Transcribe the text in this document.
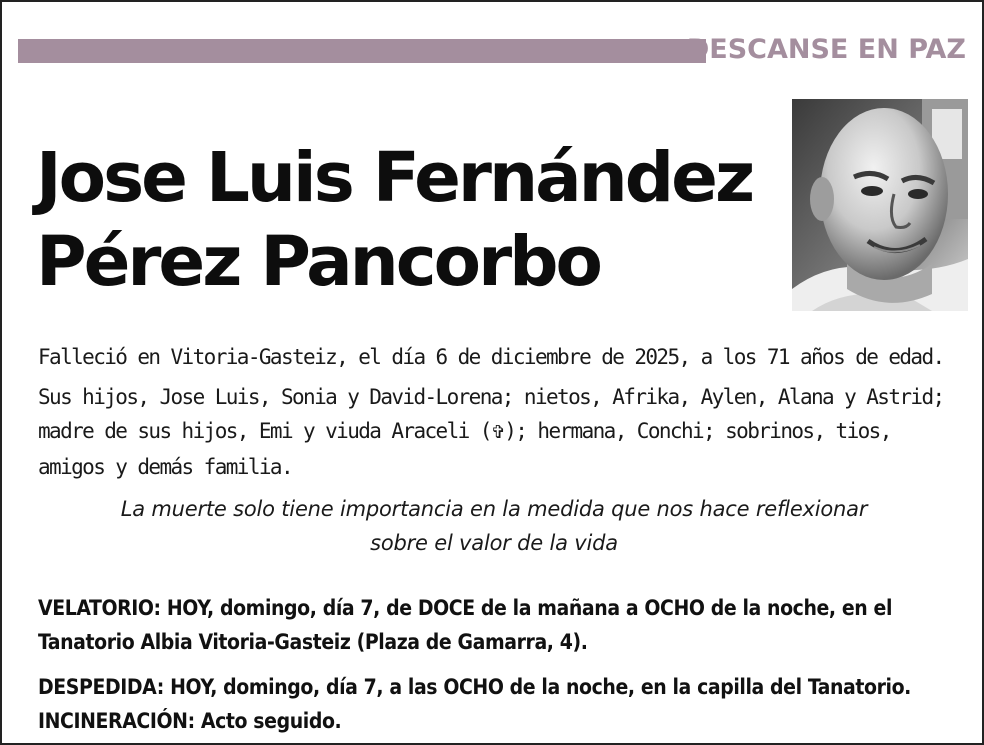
DESCANSE EN PAZ
Jose Luis Fernández
Pérez Pancorbo

Falleció en Vitoria-Gasteiz, el día 6 de diciembre de 2025, a los 71 años de edad.

Sus hijos, Jose Luis, Sonia y David-Lorena; nietos, Afrika, Aylen, Alana y Astrid; madre de sus hijos, Emi y viuda Araceli (✞); hermana, Conchi; sobrinos, tios, amigos y demás familia.

La muerte solo tiene importancia en la medida que nos hace reflexionar
sobre el valor de la vida

VELATORIO: HOY, domingo, día 7, de DOCE de la mañana a OCHO de la noche, en el Tanatorio Albia Vitoria-Gasteiz (Plaza de Gamarra, 4).

DESPEDIDA: HOY, domingo, día 7, a las OCHO de la noche, en la capilla del Tanatorio. INCINERACIÓN: Acto seguido.
